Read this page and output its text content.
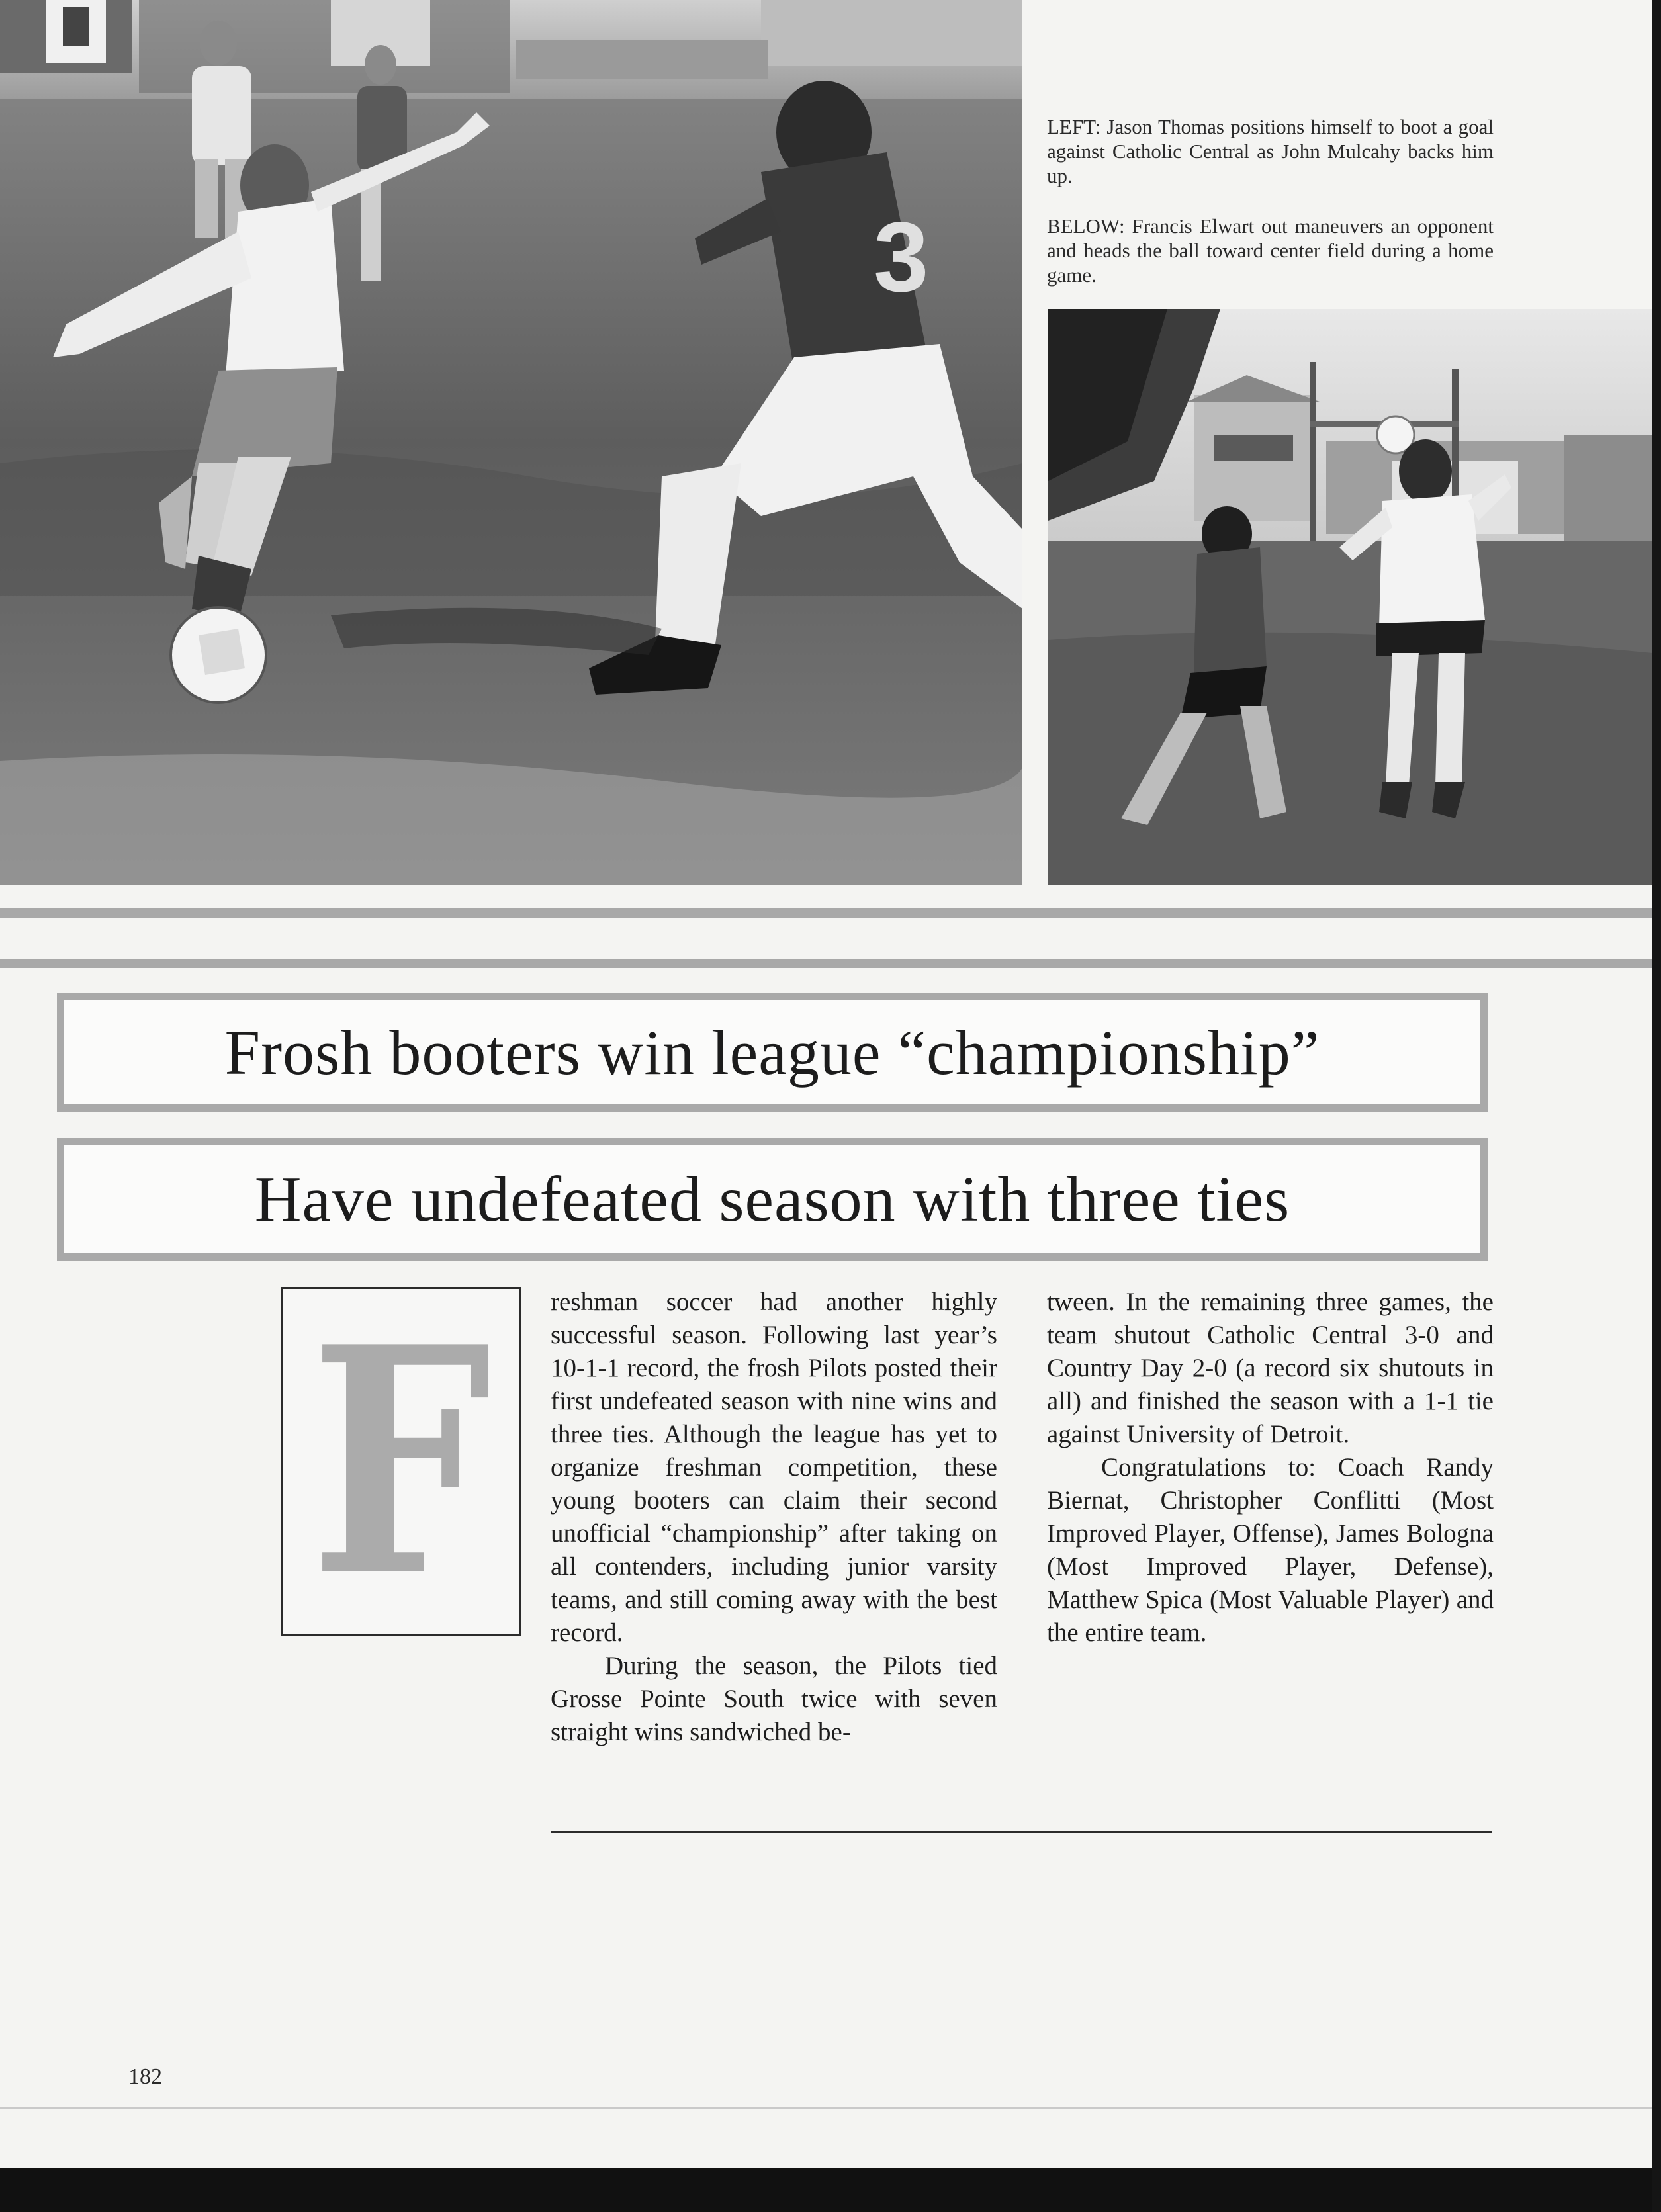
3

LEFT: Jason Thomas positions himself to boot a goal against Catholic Central as John Mulcahy backs him up.

BELOW: Francis Elwart out maneuvers an opponent and heads the ball toward center field during a home game.

Frosh booters win league “championship”
Have undefeated season with three ties
F reshman soccer had another highly successful season. Following last year’s 10-1-1 record, the frosh Pilots posted their first undefeated season with nine wins and three ties. Although the league has yet to organize freshman competition, these young booters can claim their second unofficial “championship” after taking on all contenders, including junior varsity teams, and still coming away with the best record.

During the season, the Pilots tied Grosse Pointe South twice with seven straight wins sandwiched be-

tween. In the remaining three games, the team shutout Catholic Central 3-0 and Country Day 2-0 (a record six shutouts in all) and finished the season with a 1-1 tie against University of Detroit.

Congratulations to: Coach Randy Biernat, Christopher Conflitti (Most Improved Player, Offense), James Bologna (Most Improved Player, Defense), Matthew Spica (Most Valuable Player) and the entire team.

182
